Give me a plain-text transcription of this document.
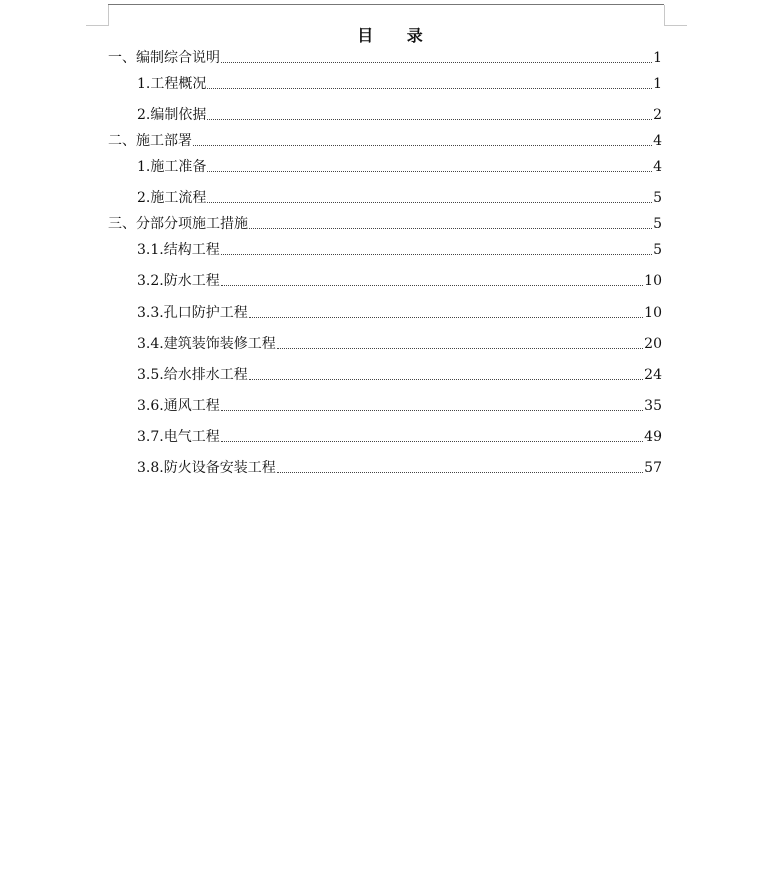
目 录
一、编制综合说明	1
1.工程概况	1
2.编制依据	2
二、施工部署	4
1.施工准备	4
2.施工流程	5
三、分部分项施工措施	5
3.1.结构工程	5
3.2.防水工程	10
3.3.孔口防护工程	10
3.4.建筑装饰装修工程	20
3.5.给水排水工程	24
3.6.通风工程	35
3.7.电气工程	49
3.8.防火设备安装工程	57
